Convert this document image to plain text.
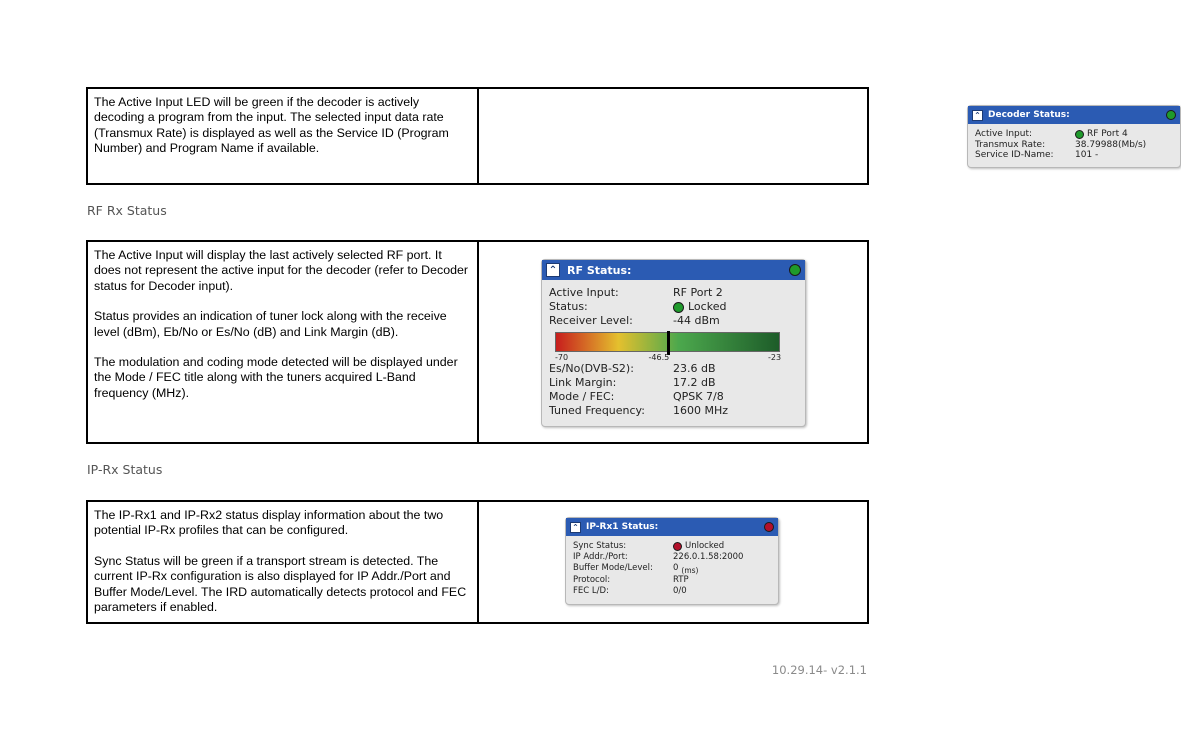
The Active Input LED will be green if the decoder is actively decoding a program from the input. The selected input data rate (Transmux Rate) is displayed as well as the Service ID (Program Number) and Program Name if available.

⌃ Decoder Status:
Active Input:	RF Port 4
Transmux Rate:	38.79988(Mb/s)
Service ID-Name:	101 -
RF Rx Status

The Active Input will display the last actively selected RF port. It does not represent the active input for the decoder (refer to Decoder status for Decoder input).

Status provides an indication of tuner lock along with the receive level (dBm), Eb/No or Es/No (dB) and Link Margin (dB).

The modulation and coding mode detected will be displayed under the Mode / FEC title along with the tuners acquired L-Band frequency (MHz).

⌃ RF Status:
Active Input:	RF Port 2
Status:	Locked
Receiver Level:	-44 dBm
-70	-46.5	-23
Es/No(DVB-S2):	23.6 dB
Link Margin:	17.2 dB
Mode / FEC:	QPSK 7/8
Tuned Frequency:	1600 MHz
IP-Rx Status

The IP-Rx1 and IP-Rx2 status display information about the two potential IP-Rx profiles that can be configured.

Sync Status will be green if a transport stream is detected. The current IP-Rx configuration is also displayed for IP Addr./Port and Buffer Mode/Level. The IRD automatically detects protocol and FEC parameters if enabled.

⌃ IP-Rx1 Status:
Sync Status:	Unlocked
IP Addr./Port:	226.0.1.58:2000
Buffer Mode/Level:	0 (ms)
Protocol:	RTP
FEC L/D:	0/0
10.29.14- v2.1.1
